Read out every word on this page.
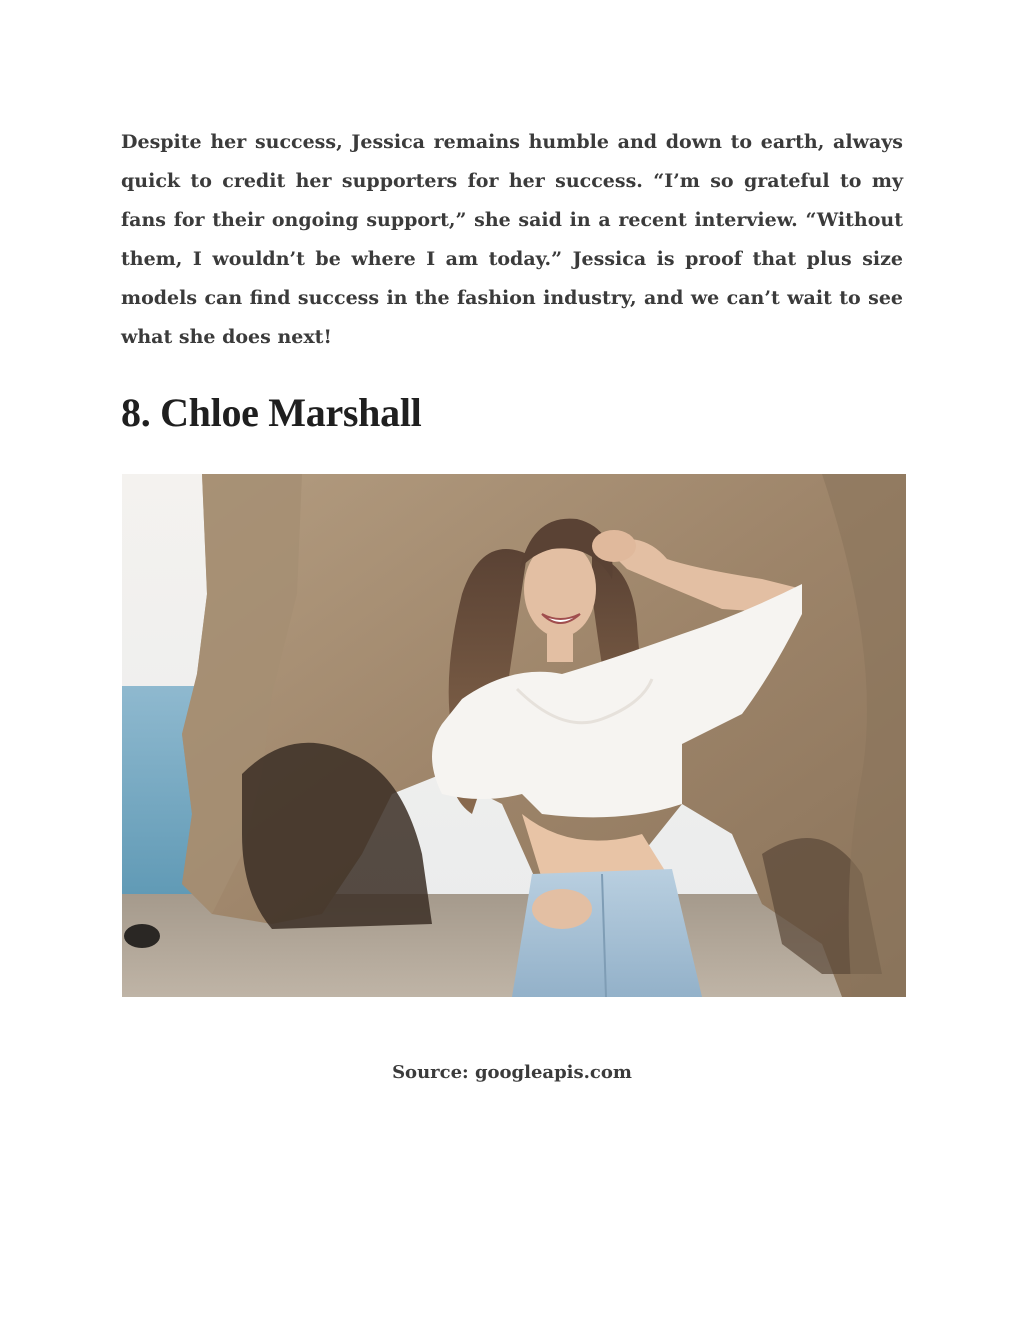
Despite her success, Jessica remains humble and down to earth, always quick to credit her supporters for her success. “I’m so grateful to my fans for their ongoing support,” she said in a recent interview. “Without them, I wouldn’t be where I am today.” Jessica is proof that plus size models can find success in the fashion industry, and we can’t wait to see what she does next!

8. Chloe Marshall

Source: googleapis.com
